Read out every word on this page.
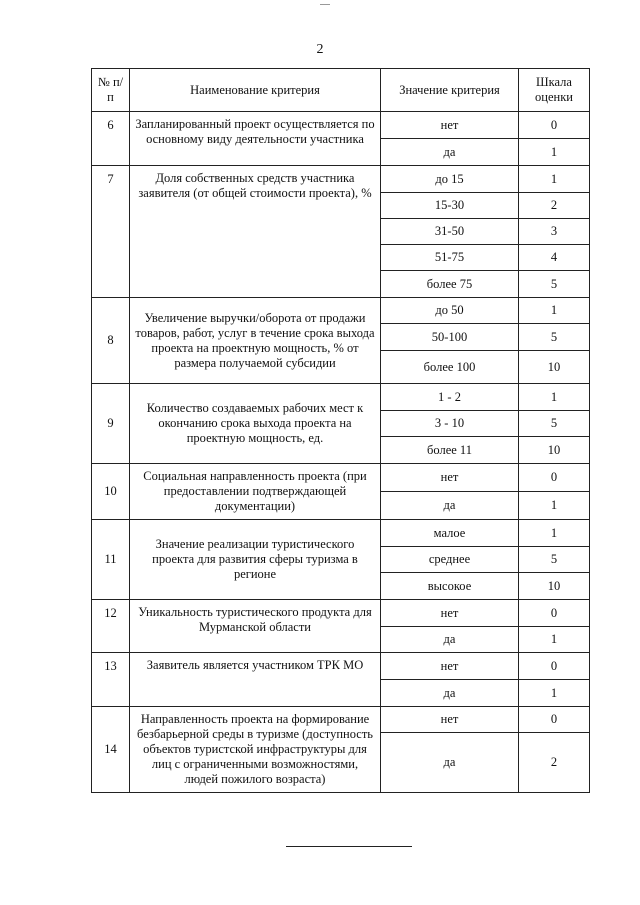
2
№ п/п	Наименование критерия	Значение критерия	Шкала оценки
6	Запланированный проект осуществляется по основному виду деятельности участника	нет	0
		да	1
7	Доля собственных средств участника заявителя (от общей стоимости проекта), %	до 15	1
		15-30	2
		31-50	3
		51-75	4
		более 75	5
8	Увеличение выручки/оборота от продажи товаров, работ, услуг в течение срока выхода проекта на проектную мощность, % от размера получаемой субсидии	до 50	1
		50-100	5
		более 100	10
9	Количество создаваемых рабочих мест к окончанию срока выхода проекта на проектную мощность, ед.	1 - 2	1
		3 - 10	5
		более 11	10
10	Социальная направленность проекта (при предоставлении подтверждающей документации)	нет	0
		да	1
11	Значение реализации туристического проекта для развития сферы туризма в регионе	малое	1
		среднее	5
		высокое	10
12	Уникальность туристического продукта для Мурманской области	нет	0
		да	1
13	Заявитель является участником ТРК МО	нет	0
		да	1
14	Направленность проекта на формирование безбарьерной среды в туризме (доступность объектов туристской инфраструктуры для лиц с ограниченными возможностями, людей пожилого возраста)	нет	0
		да	2
